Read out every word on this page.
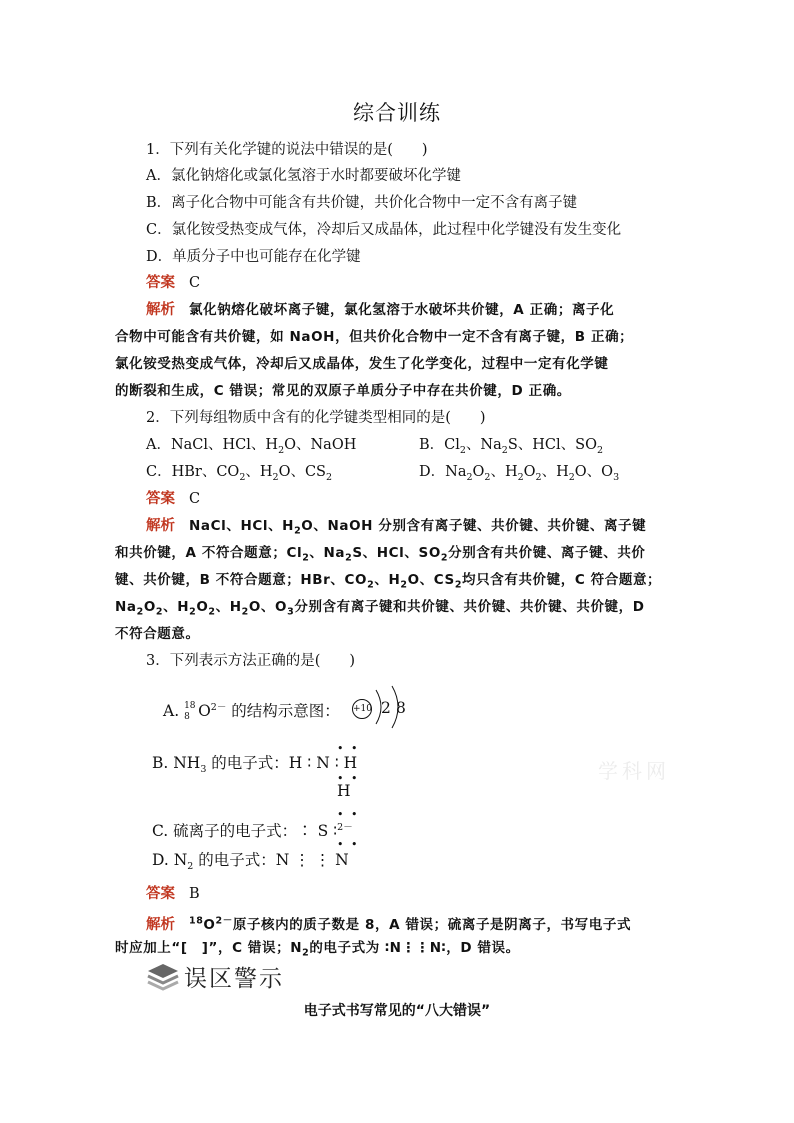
综合训练
1．下列有关化学键的说法中错误的是(　　)
A．氯化钠熔化或氯化氢溶于水时都要破坏化学键
B．离子化合物中可能含有共价键，共价化合物中一定不含有离子键
C．氯化铵受热变成气体，冷却后又成晶体，此过程中化学键没有发生变化
D．单质分子中也可能存在化学键
答案 C
解析 氯化钠熔化破坏离子键，氯化氢溶于水破坏共价键，A 正确；离子化
合物中可能含有共价键，如 NaOH，但共价化合物中一定不含有离子键，B 正确；
氯化铵受热变成气体，冷却后又成晶体，发生了化学变化，过程中一定有化学键
的断裂和生成，C 错误；常见的双原子单质分子中存在共价键，D 正确。
2．下列每组物质中含有的化学键类型相同的是(　　)
A．NaCl、HCl、$H_2O$、NaOH	B．$Cl_2$、$Na_2S$、HCl、$SO_2$
C．HBr、$CO_2$、$H_2O$、$CS_2$	D．$Na_2O_2$、$H_2O_2$、$H_2O$、$O_3$
答案 C
解析 NaCl、HCl、$H_2O$、NaOH 分别含有离子键、共价键、共价键、离子键
和共价键，A 不符合题意；$Cl_2$、$Na_2S$、HCl、$SO_2$分别含有共价键、离子键、共价
键、共价键，B 不符合题意；HBr、$CO_2$、$H_2O$、$CS_2$均只含有共价键，C 符合题意；
$Na_2O_2$、$H_2O_2$、$H_2O$、$O_3$分别含有离子键和共价键、共价键、共价键、共价键，D
不符合题意。
3．下列表示方法正确的是(　　)
A. 18
8 $O^{2-}$ 的结构示意图： +10 2 8
• •
B. $NH_3$ 的电子式：H ∶ N ∶ H
• •
H
• •
C. 硫离子的电子式：∶ S ∶$^{2-}$
• •
D. $N_2$ 的电子式：N ⋮ ⋮ N
答案 B
解析 $^{18}O^{2-}$原子核内的质子数是 8，A 错误；硫离子是阴离子，书写电子式
时应加上“[　]”，C 错误；$N_2$的电子式为 ∶N⋮⋮N∶，D 错误。
误区警示
电子式书写常见的“八大错误”
学科网
